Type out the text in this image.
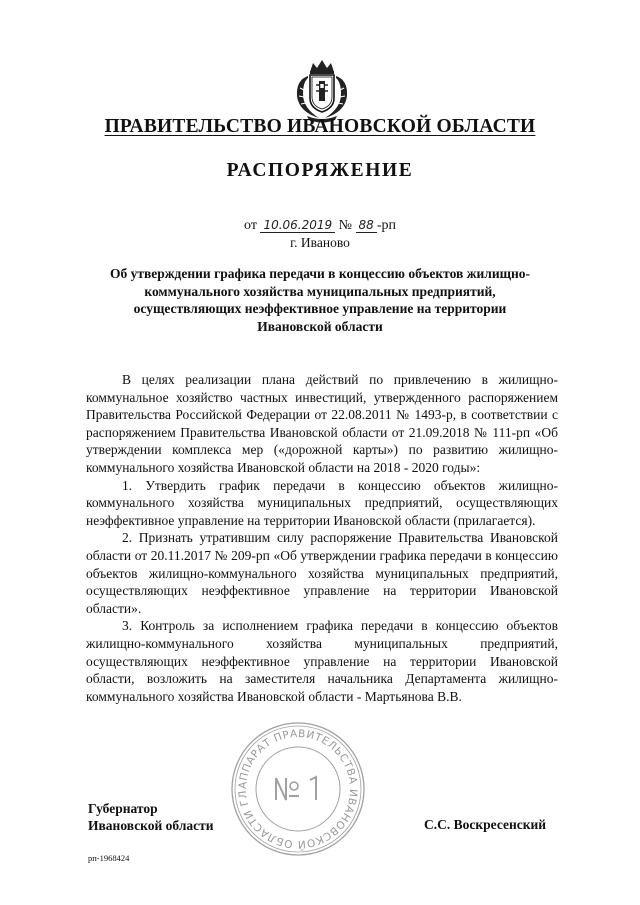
ПРАВИТЕЛЬСТВО ИВАНОВСКОЙ ОБЛАСТИ
РАСПОРЯЖЕНИЕ
от 10.06.2019 № 88 -рп
г. Иваново
Об утверждении графика передачи в концессию объектов жилищно-коммунального хозяйства муниципальных предприятий, осуществляющих неэффективное управление на территории Ивановской области

В целях реализации плана действий по привлечению в жилищно-коммунальное хозяйство частных инвестиций, утвержденного распоряжением Правительства Российской Федерации от 22.08.2011 № 1493-р, в соответствии с распоряжением Правительства Ивановской области от 21.09.2018 № 111-рп «Об утверждении комплекса мер («дорожной карты») по развитию жилищно-коммунального хозяйства Ивановской области на 2018 - 2020 годы»:

1. Утвердить график передачи в концессию объектов жилищно-коммунального хозяйства муниципальных предприятий, осуществляющих неэффективное управление на территории Ивановской области (прилагается).

2. Признать утратившим силу распоряжение Правительства Ивановской области от 20.11.2017 № 209-рп «Об утверждении графика передачи в концессию объектов жилищно-коммунального хозяйства муниципальных предприятий, осуществляющих неэффективное управление на территории Ивановской области».

3. Контроль за исполнением графика передачи в концессию объектов жилищно-коммунального хозяйства муниципальных предприятий, осуществляющих неэффективное управление на территории Ивановской области, возложить на заместителя начальника Департамента жилищно-коммунального хозяйства Ивановской области - Мартьянова В.В.

Губернатор
Ивановской области	С.С. Воскресенский
рп-1968424
АППАРАТ ПРАВИТЕЛЬСТВА ИВАНОВСКОЙ ОБЛАСТИ ГЛ
